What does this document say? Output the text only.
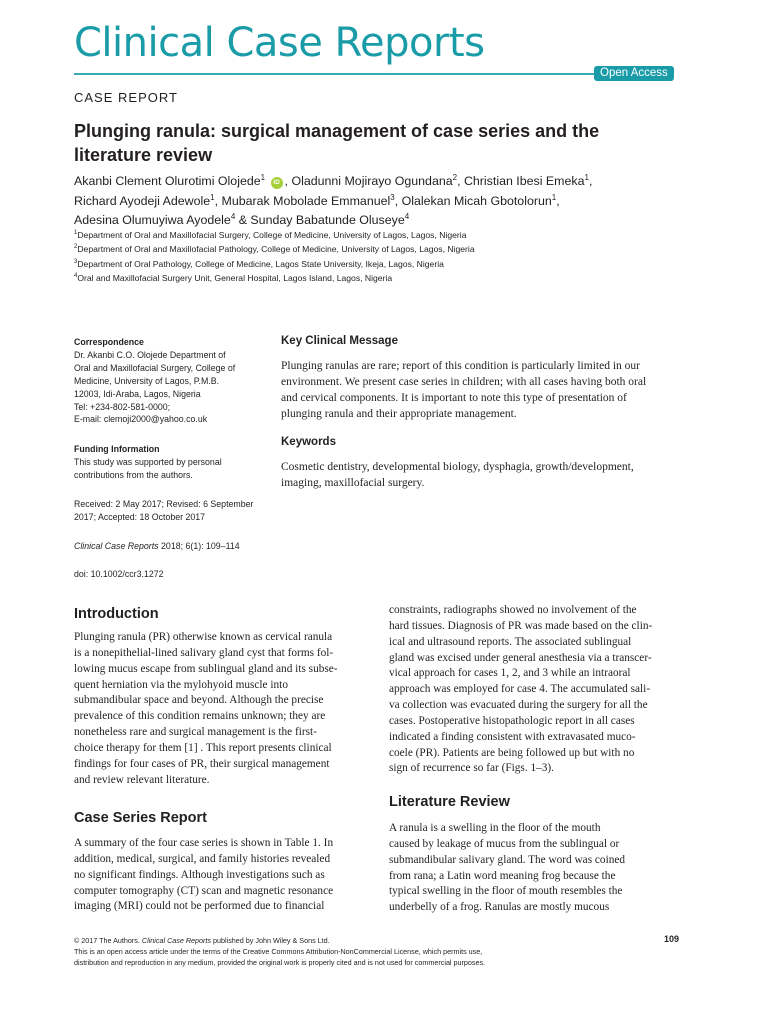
Clinical Case Reports
Open Access
CASE REPORT
Plunging ranula: surgical management of case series and the literature review
Akanbi Clement Olurotimi Olojede$^1$ iD , Oladunni Mojirayo Ogundana$^2$, Christian Ibesi Emeka$^1$,
Richard Ayodeji Adewole$^1$, Mubarak Mobolade Emmanuel$^3$, Olalekan Micah Gbotolorun$^1$,
Adesina Olumuyiwa Ayodele$^4$ & Sunday Babatunde Oluseye$^4$
$^1$Department of Oral and Maxillofacial Surgery, College of Medicine, University of Lagos, Lagos, Nigeria
$^2$Department of Oral and Maxillofacial Pathology, College of Medicine, University of Lagos, Lagos, Nigeria
$^3$Department of Oral Pathology, College of Medicine, Lagos State University, Ikeja, Lagos, Nigeria
$^4$Oral and Maxillofacial Surgery Unit, General Hospital, Lagos Island, Lagos, Nigeria
Correspondence
Dr. Akanbi C.O. Olojede Department of
Oral and Maxillofacial Surgery, College of
Medicine, University of Lagos, P.M.B.
12003, Idi-Araba, Lagos, Nigeria
Tel: +234-802-581-0000;
E-mail: clemoji2000@yahoo.co.uk
Funding Information
This study was supported by personal
contributions from the authors.
Received: 2 May 2017; Revised: 6 September
2017; Accepted: 18 October 2017
Clinical Case Reports 2018; 6(1): 109–114
doi: 10.1002/ccr3.1272
Key Clinical Message
Plunging ranulas are rare; report of this condition is particularly limited in our
environment. We present case series in children; with all cases having both oral
and cervical components. It is important to note this type of presentation of
plunging ranula and their appropriate management.
Keywords
Cosmetic dentistry, developmental biology, dysphagia, growth/development,
imaging, maxillofacial surgery.
Introduction
Plunging ranula (PR) otherwise known as cervical ranula
is a nonepithelial-lined salivary gland cyst that forms fol-
lowing mucus escape from sublingual gland and its subse-
quent herniation via the mylohyoid muscle into
submandibular space and beyond. Although the precise
prevalence of this condition remains unknown; they are
nonetheless rare and surgical management is the first-
choice therapy for them [1] . This report presents clinical
findings for four cases of PR, their surgical management
and review relevant literature.
Case Series Report
A summary of the four case series is shown in Table 1. In
addition, medical, surgical, and family histories revealed
no significant findings. Although investigations such as
computer tomography (CT) scan and magnetic resonance
imaging (MRI) could not be performed due to financial
constraints, radiographs showed no involvement of the
hard tissues. Diagnosis of PR was made based on the clin-
ical and ultrasound reports. The associated sublingual
gland was excised under general anesthesia via a transcer-
vical approach for cases 1, 2, and 3 while an intraoral
approach was employed for case 4. The accumulated sali-
va collection was evacuated during the surgery for all the
cases. Postoperative histopathologic report in all cases
indicated a finding consistent with extravasated muco-
coele (PR). Patients are being followed up but with no
sign of recurrence so far (Figs. 1–3).
Literature Review
A ranula is a swelling in the floor of the mouth
caused by leakage of mucus from the sublingual or
submandibular salivary gland. The word was coined
from rana; a Latin word meaning frog because the
typical swelling in the floor of mouth resembles the
underbelly of a frog. Ranulas are mostly mucous
© 2017 The Authors. Clinical Case Reports published by John Wiley & Sons Ltd.
This is an open access article under the terms of the Creative Commons Attribution-NonCommercial License, which permits use,
distribution and reproduction in any medium, provided the original work is properly cited and is not used for commercial purposes.
109
